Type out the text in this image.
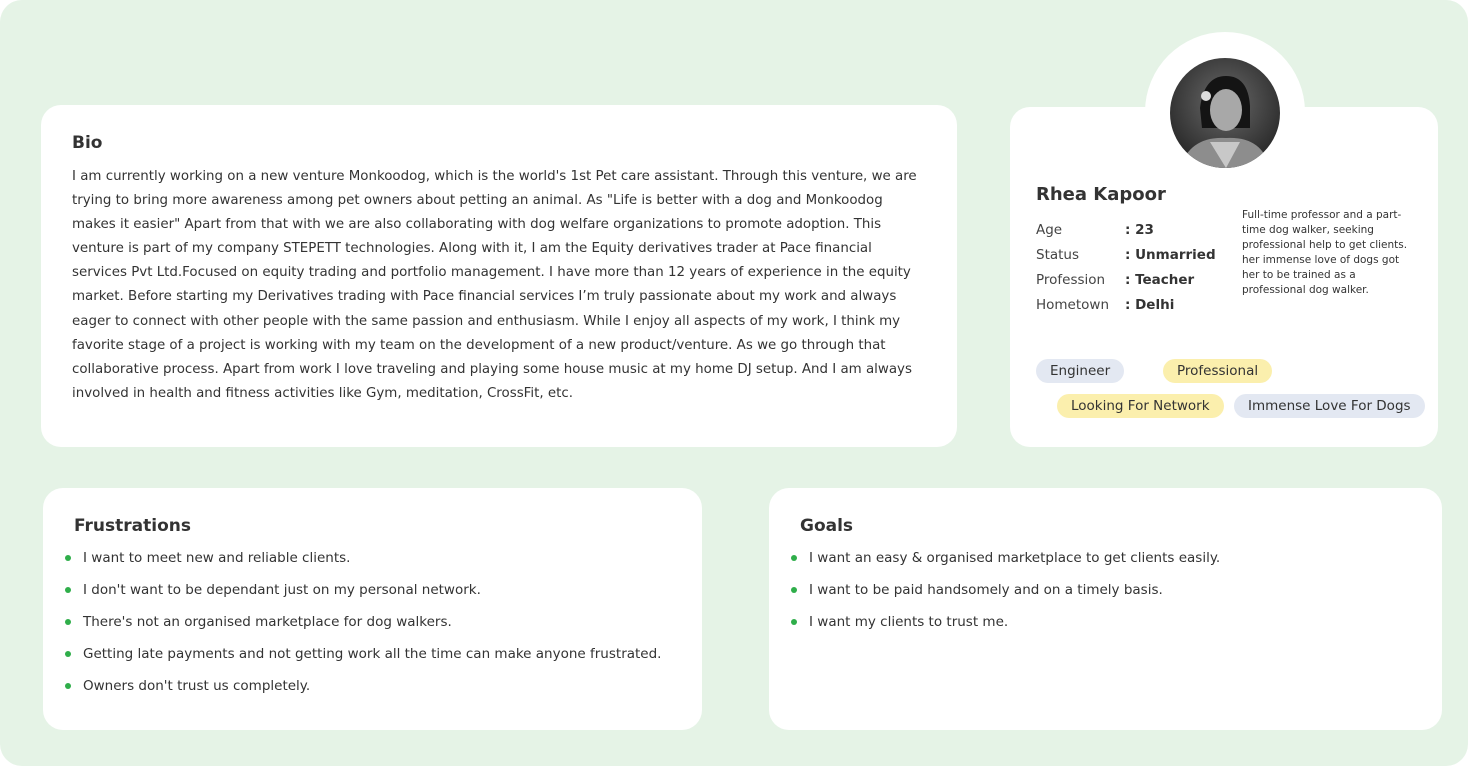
Bio
I am currently working on a new venture Monkoodog, which is the world's 1st Pet care assistant. Through this venture, we are
trying to bring more awareness among pet owners about petting an animal. As "Life is better with a dog and Monkoodog
makes it easier" Apart from that with we are also collaborating with dog welfare organizations to promote adoption. This
venture is part of my company STEPETT technologies. Along with it, I am the Equity derivatives trader at Pace financial
services Pvt Ltd.Focused on equity trading and portfolio management. I have more than 12 years of experience in the equity
market. Before starting my Derivatives trading with Pace financial services I’m truly passionate about my work and always
eager to connect with other people with the same passion and enthusiasm. While I enjoy all aspects of my work, I think my
favorite stage of a project is working with my team on the development of a new product/venture. As we go through that
collaborative process. Apart from work I love traveling and playing some house music at my home DJ setup. And I am always
involved in health and fitness activities like Gym, meditation, CrossFit, etc.
Rhea Kapoor
Age	: 23
Status	: Unmarried
Profession	: Teacher
Hometown	: Delhi
Full-time professor and a part-time dog walker, seeking professional help to get clients. her immense love of dogs got her to be trained as a professional dog walker.
Engineer	Professional
Looking For Network	Immense Love For Dogs
Frustrations
I want to meet new and reliable clients.
I don't want to be dependant just on my personal network.
There's not an organised marketplace for dog walkers.
Getting late payments and not getting work all the time can make anyone frustrated.
Owners don't trust us completely.
Goals
I want an easy & organised marketplace to get clients easily.
I want to be paid handsomely and on a timely basis.
I want my clients to trust me.
